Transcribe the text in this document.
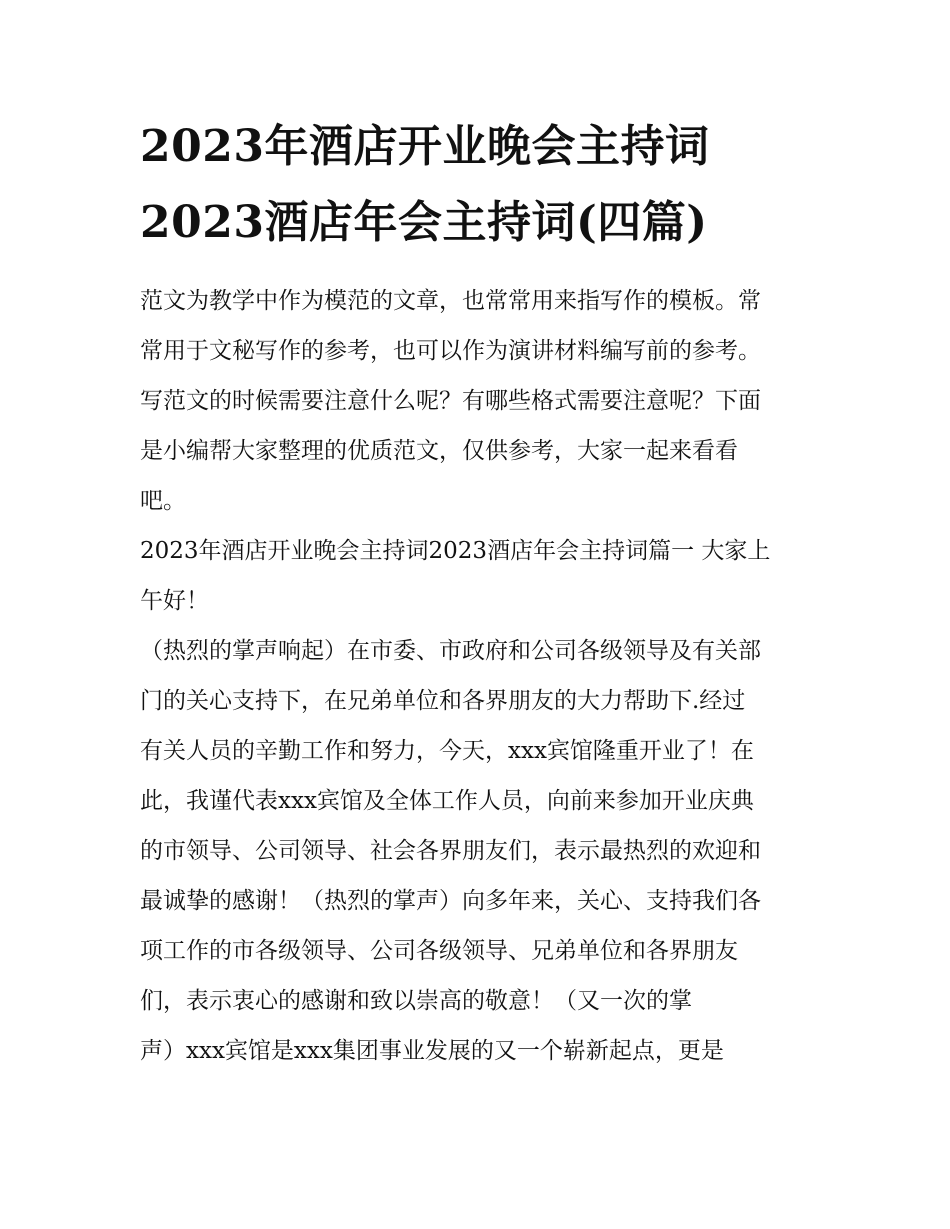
2023年酒店开业晚会主持词
2023酒店年会主持词(四篇)
范文为教学中作为模范的文章，也常常用来指写作的模板。常
常用于文秘写作的参考，也可以作为演讲材料编写前的参考。
写范文的时候需要注意什么呢？有哪些格式需要注意呢？下面
是小编帮大家整理的优质范文，仅供参考，大家一起来看看
吧。
2023年酒店开业晚会主持词2023酒店年会主持词篇一 大家上
午好！
（热烈的掌声响起）在市委、市政府和公司各级领导及有关部
门的关心支持下，在兄弟单位和各界朋友的大力帮助下.经过
有关人员的辛勤工作和努力，今天，xxx宾馆隆重开业了！在
此，我谨代表xxx宾馆及全体工作人员，向前来参加开业庆典
的市领导、公司领导、社会各界朋友们，表示最热烈的欢迎和
最诚挚的感谢！（热烈的掌声）向多年来，关心、支持我们各
项工作的市各级领导、公司各级领导、兄弟单位和各界朋友
们，表示衷心的感谢和致以崇高的敬意！（又一次的掌
声）xxx宾馆是xxx集团事业发展的又一个崭新起点，更是
